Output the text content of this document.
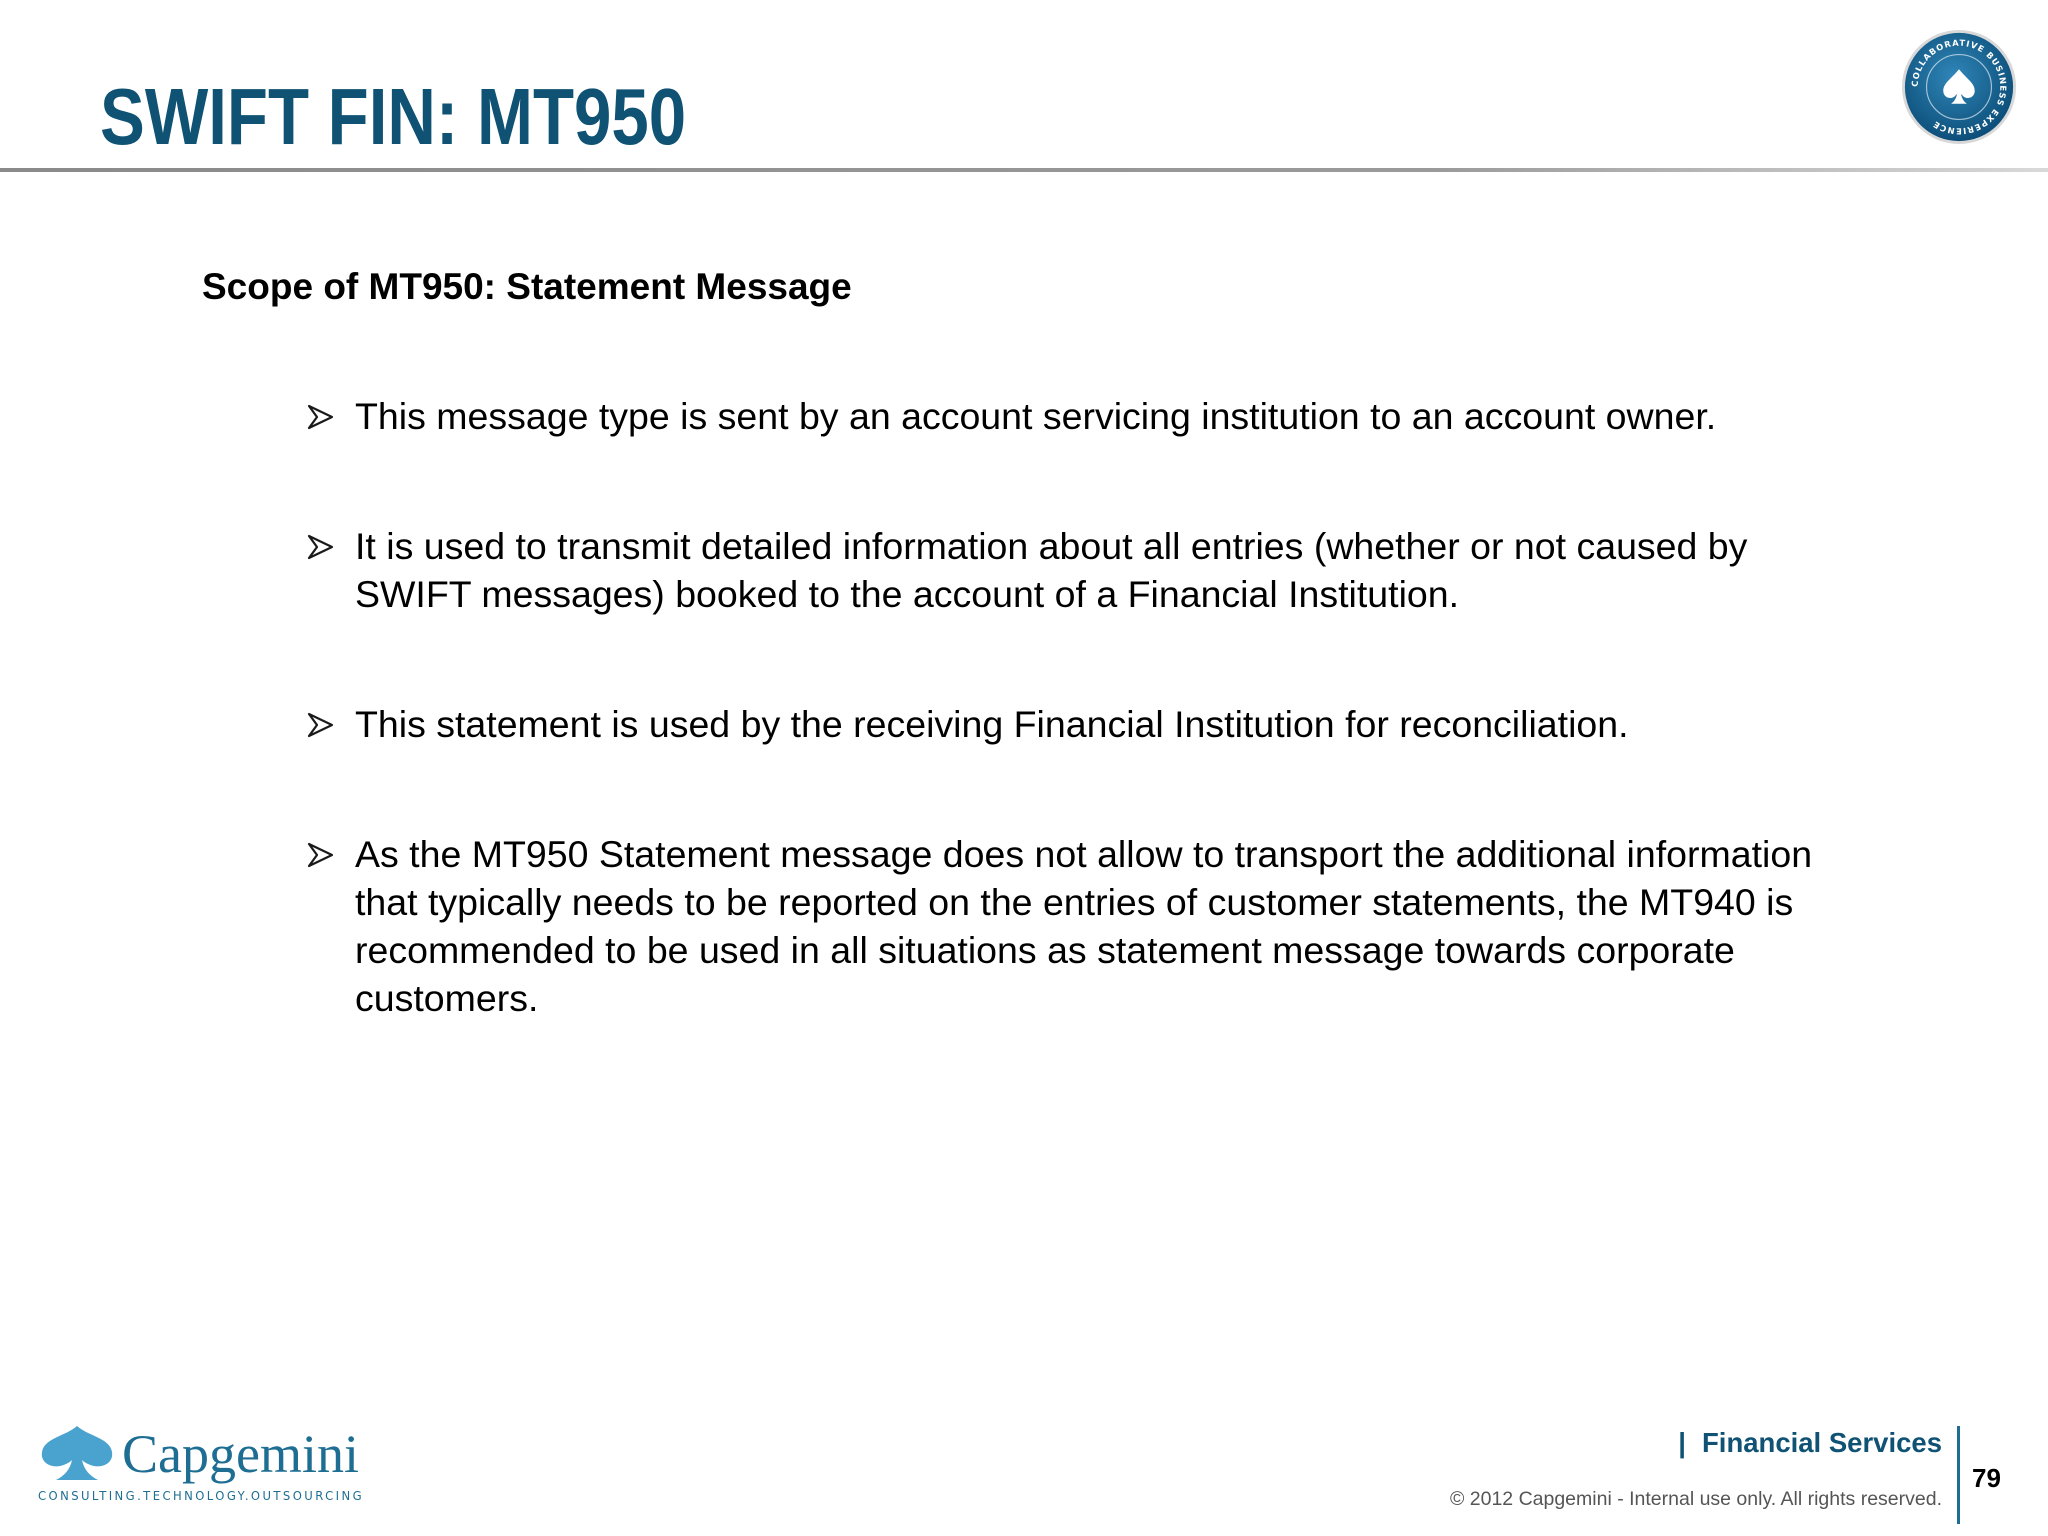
SWIFT FIN: MT950	COLLABORATIVE BUSINESS EXPERIENCE
Scope of MT950: Statement Message
This message type is sent by an account servicing institution to an account owner.
It is used to transmit detailed information about all entries (whether or not caused by SWIFT messages) booked to the account of a Financial Institution.
This statement is used by the receiving Financial Institution for reconciliation.
As the MT950 Statement message does not allow to transport the additional information that typically needs to be reported on the entries of customer statements, the MT940 is recommended to be used in all situations as statement message towards corporate customers.
Capgemini
CONSULTING.TECHNOLOGY.OUTSOURCING

| Financial Services

© 2012 Capgemini - Internal use only. All rights reserved.

79
